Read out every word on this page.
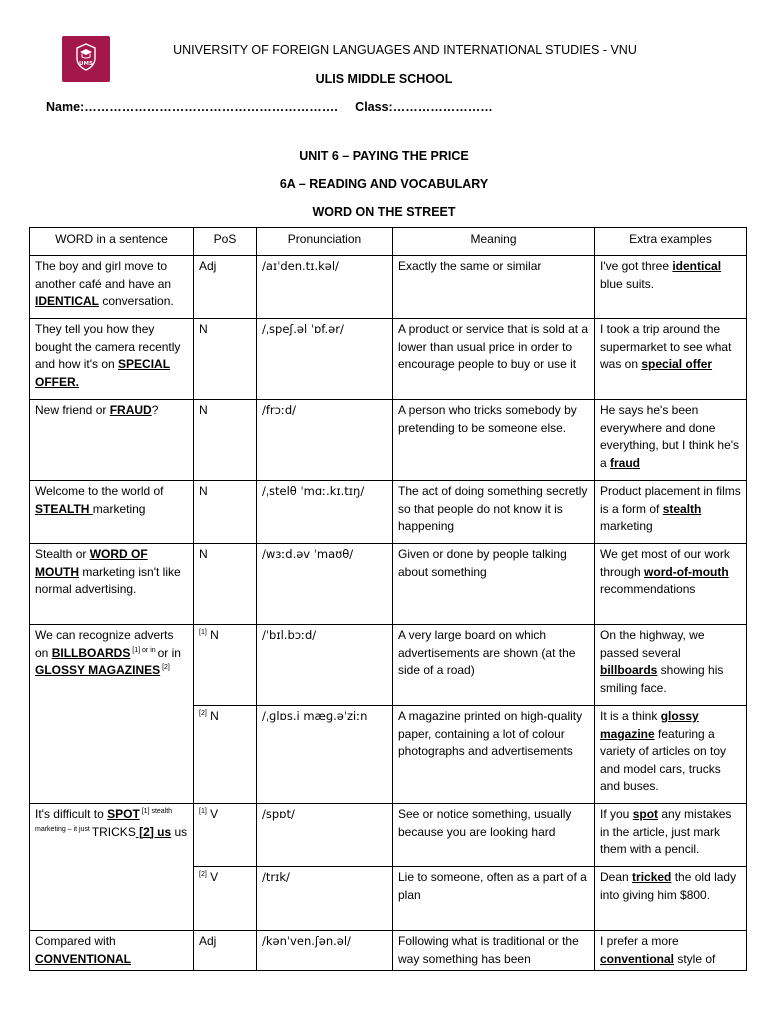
UMS
UNIVERSITY OF FOREIGN LANGUAGES AND INTERNATIONAL STUDIES - VNU
ULIS MIDDLE SCHOOL
Name:……………………………………………………. Class:……………………
UNIT 6 – PAYING THE PRICE
6A – READING AND VOCABULARY
WORD ON THE STREET
WORD in a sentence	PoS	Pronunciation	Meaning	Extra examples
The boy and girl move to another café and have an IDENTICAL conversation.	Adj	/aɪˈden.tɪ.kəl/	Exactly the same or similar	I've got three identical blue suits.
They tell you how they bought the camera recently and how it's on SPECIAL OFFER.	N	/ˌspeʃ.əl ˈɒf.ər/	A product or service that is sold at a lower than usual price in order to encourage people to buy or use it	I took a trip around the supermarket to see what was on special offer
New friend or FRAUD?	N	/frɔːd/	A person who tricks somebody by pretending to be someone else.	He says he's been everywhere and done everything, but I think he's a fraud
Welcome to the world of STEALTH marketing	N	/ˌstelθ ˈmɑː.kɪ.tɪŋ/	The act of doing something secretly so that people do not know it is happening	Product placement in films is a form of stealth marketing
Stealth or WORD OF MOUTH marketing isn't like normal advertising.	N	/wɜːd.əv ˈmaʊθ/	Given or done by people talking about something	We get most of our work through word-of-mouth recommendations
We can recognize adverts on BILLBOARDS $^{[1] or in}$ or in GLOSSY MAGAZINES [2]	[1] N	/ˈbɪl.bɔːd/	A very large board on which advertisements are shown (at the side of a road)	On the highway, we passed several billboards showing his smiling face.
	[2] N	/ˌɡlɒs.i mæɡ.əˈziːn	A magazine printed on high-quality paper, containing a lot of colour photographs and advertisements	It is a think glossy magazine featuring a variety of articles on toy and model cars, trucks and buses.
It's difficult to SPOT $^{[1] stealth marketing - it just}$ TRICKS [2] us us	[1] V	/spɒt/	See or notice something, usually because you are looking hard	If you spot any mistakes in the article, just mark them with a pencil.
	[2] V	/trɪk/	Lie to someone, often as a part of a plan	Dean tricked the old lady into giving him $800.
Compared with CONVENTIONAL	Adj	/kənˈven.ʃən.əl/	Following what is traditional or the way something has been	I prefer a more conventional style of
